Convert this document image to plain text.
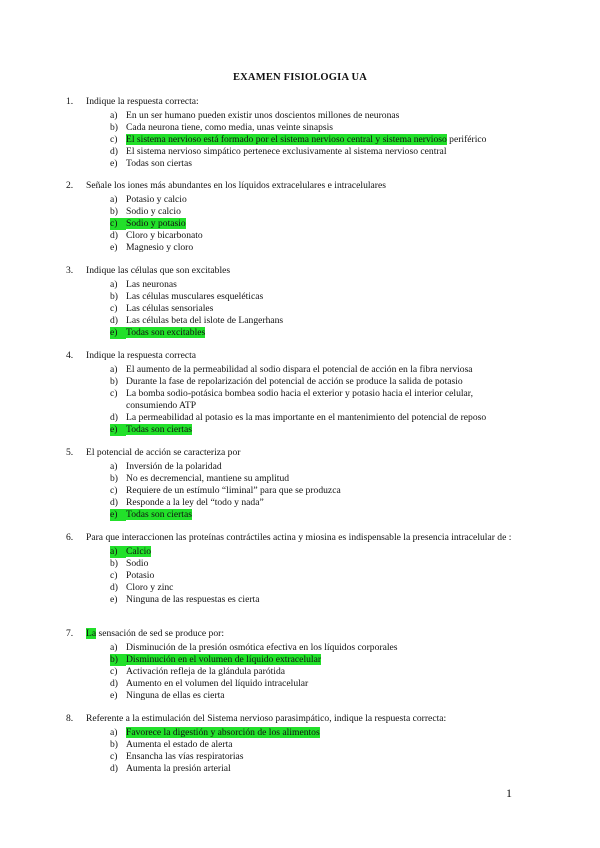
EXAMEN FISIOLOGIA UA
1.	Indique la respuesta correcta:
a) En un ser humano pueden existir unos doscientos millones de neuronas
b) Cada neurona tiene, como media, unas veinte sinapsis
c) El sistema nervioso está formado por el sistema nervioso central y sistema nervioso periférico
d) El sistema nervioso simpático pertenece exclusivamente al sistema nervioso central
e) Todas son ciertas
2.	Señale los iones más abundantes en los líquidos extracelulares e intracelulares
a) Potasio y calcio
b) Sodio y calcio
c) Sodio y potasio
d) Cloro y bicarbonato
e) Magnesio y cloro
3.	Indique las células que son excitables
a) Las neuronas
b) Las células musculares esqueléticas
c) Las células sensoriales
d) Las células beta del islote de Langerhans
e) Todas son excitables
4.	Indique la respuesta correcta
a) El aumento de la permeabilidad al sodio dispara el potencial de acción en la fibra nerviosa
b) Durante la fase de repolarización del potencial de acción se produce la salida de potasio
c) La bomba sodio-potásica bombea sodio hacia el exterior y potasio hacia el interior celular, consumiendo ATP
d) La permeabilidad al potasio es la mas importante en el mantenimiento del potencial de reposo
e) Todas son ciertas
5.	El potencial de acción se caracteriza por
a) Inversión de la polaridad
b) No es decremencial, mantiene su amplitud
c) Requiere de un estímulo “liminal” para que se produzca
d) Responde a la ley del “todo y nada”
e) Todas son ciertas
6.	Para que interaccionen las proteínas contráctiles actina y miosina es indispensable la presencia intracelular de :
a) Calcio
b) Sodio
c) Potasio
d) Cloro y zinc
e) Ninguna de las respuestas es cierta
7.	La sensación de sed se produce por:
a) Disminución de la presión osmótica efectiva en los líquidos corporales
b) Disminución en el volumen de líquido extracelular
c) Activación refleja de la glándula parótida
d) Aumento en el volumen del líquido intracelular
e) Ninguna de ellas es cierta
8.	Referente a la estimulación del Sistema nervioso parasimpático, indique la respuesta correcta:
a) Favorece la digestión y absorción de los alimentos
b) Aumenta el estado de alerta
c) Ensancha las vías respiratorias
d) Aumenta la presión arterial
1
